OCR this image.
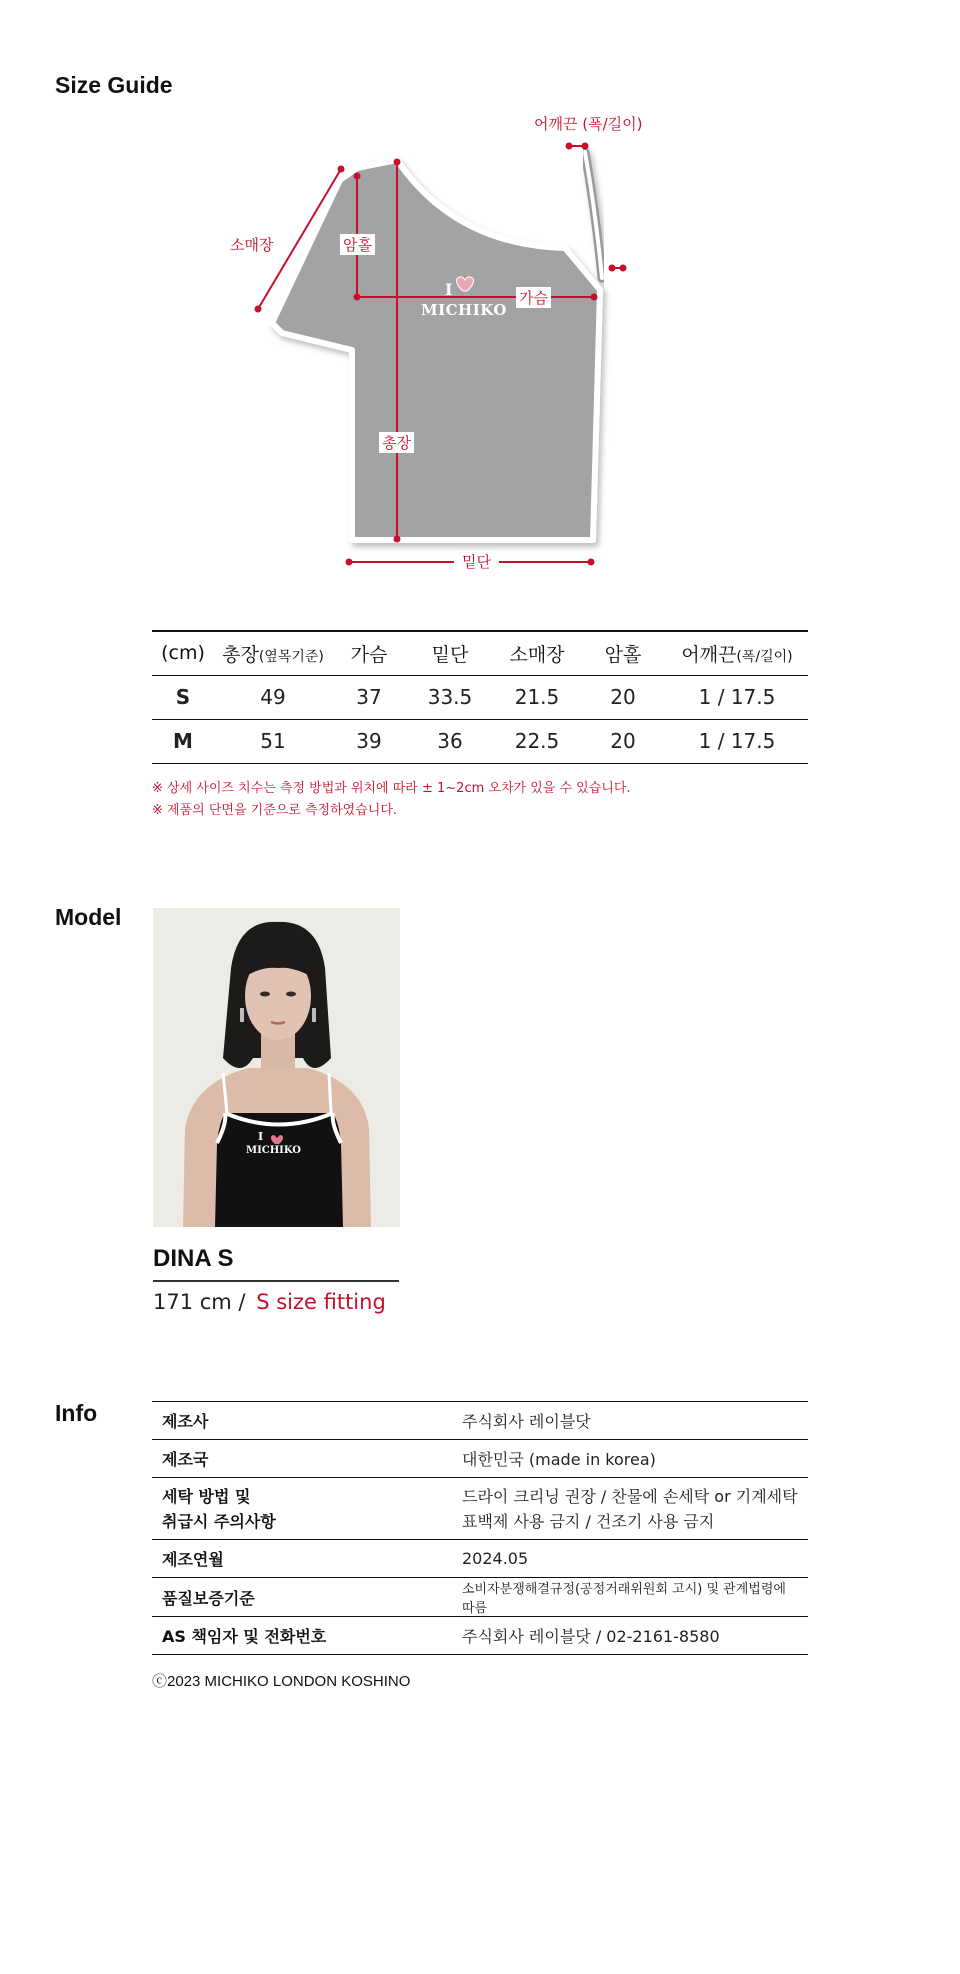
Size Guide
I
MICHIKO
어깨끈 (폭/길이)
소매장	암홀
가슴
총장
밑단
(cm)	총장(옆목기준)	가슴	밑단	소매장	암홀	어깨끈(폭/길이)
S	49	37	33.5	21.5	20	1 / 17.5
M	51	39	36	22.5	20	1 / 17.5
※ 상세 사이즈 치수는 측정 방법과 위치에 따라 ± 1~2cm 오차가 있을 수 있습니다.
※ 제품의 단면을 기준으로 측정하였습니다.
Model
I
MICHIKO
DINA S
171 cm / S size fitting
Info	제조사	주식회사 레이블닷
제조국	대한민국 (made in korea)
세탁 방법 및
취급시 주의사항	드라이 크리닝 권장 / 찬물에 손세탁 or 기계세탁
표백제 사용 금지 / 건조기 사용 금지
제조연월	2024.05
품질보증기준	소비자분쟁해결규정(공정거래위원회 고시) 및 관계법령에 따름
AS 책임자 및 전화번호	주식회사 레이블닷 / 02-2161-8580
ⓒ2023 MICHIKO LONDON KOSHINO
